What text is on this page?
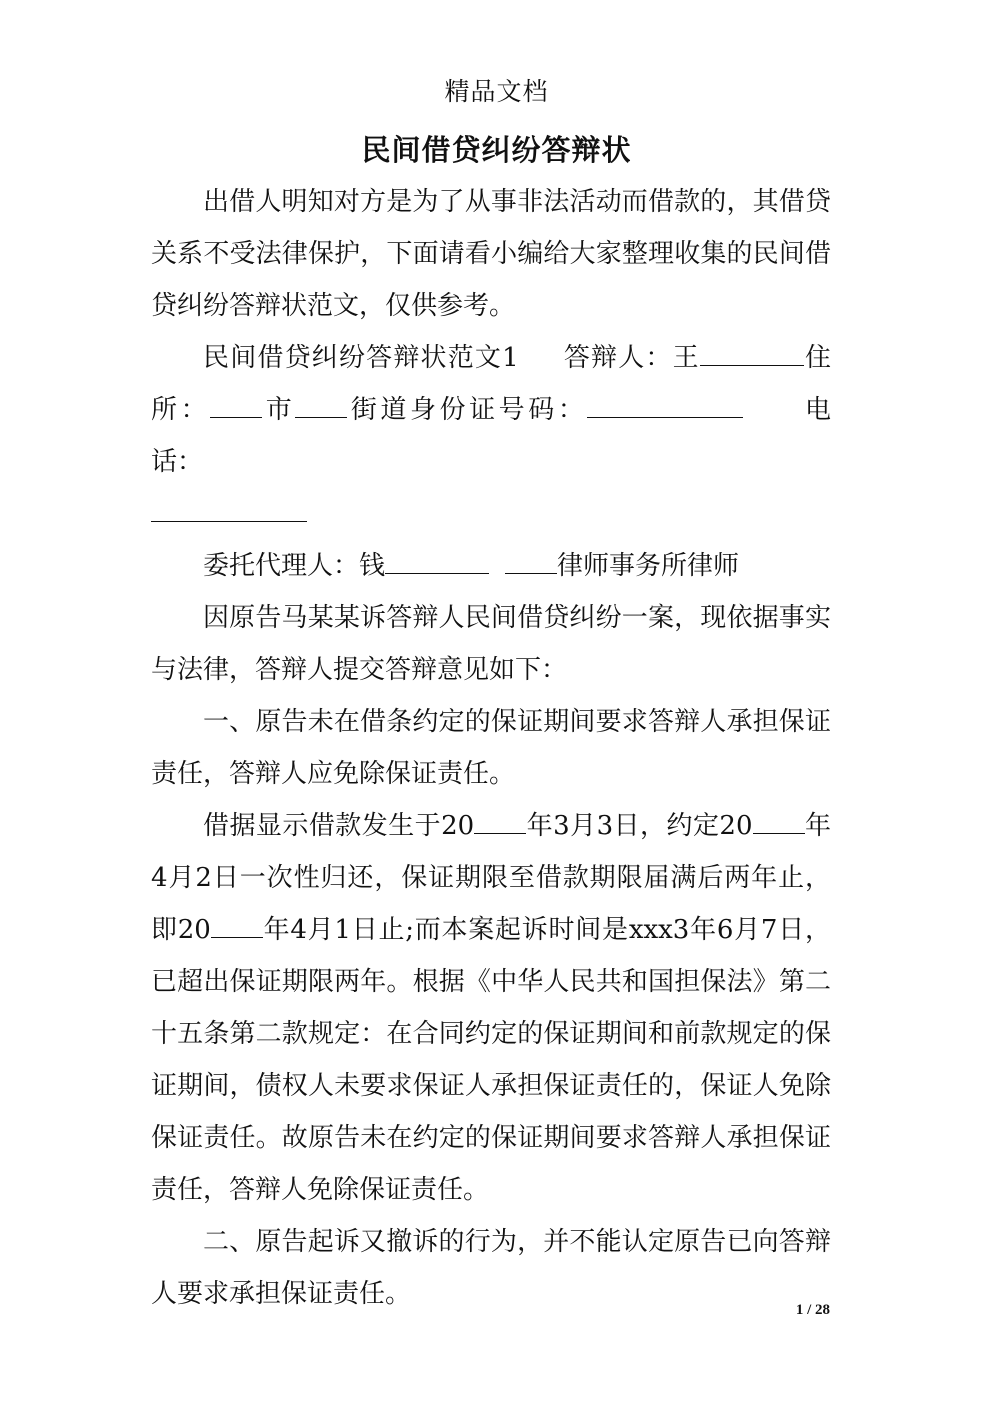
精品文档
民间借贷纠纷答辩状

出借人明知对方是为了从事非法活动而借款的，其借贷关系不受法律保护，下面请看小编给大家整理收集的民间借贷纠纷答辩状范文，仅供参考。

民间借贷纠纷答辩状范文1 答辩人：王	住所： 市 街道身份证号码：	电话：

委托代理人：钱	律师事务所律师

因原告马某某诉答辩人民间借贷纠纷一案，现依据事实与法律，答辩人提交答辩意见如下：

一、原告未在借条约定的保证期间要求答辩人承担保证责任，答辩人应免除保证责任。

借据显示借款发生于20 年3月3日，约定20 年4月2日一次性归还，保证期限至借款期限届满后两年止，即20 年4月1日止;而本案起诉时间是xxx3年6月7日，已超出保证期限两年。根据《中华人民共和国担保法》第二十五条第二款规定：在合同约定的保证期间和前款规定的保证期间，债权人未要求保证人承担保证责任的，保证人免除保证责任。故原告未在约定的保证期间要求答辩人承担保证责任，答辩人免除保证责任。

二、原告起诉又撤诉的行为，并不能认定原告已向答辩人要求承担保证责任。

1 / 28
